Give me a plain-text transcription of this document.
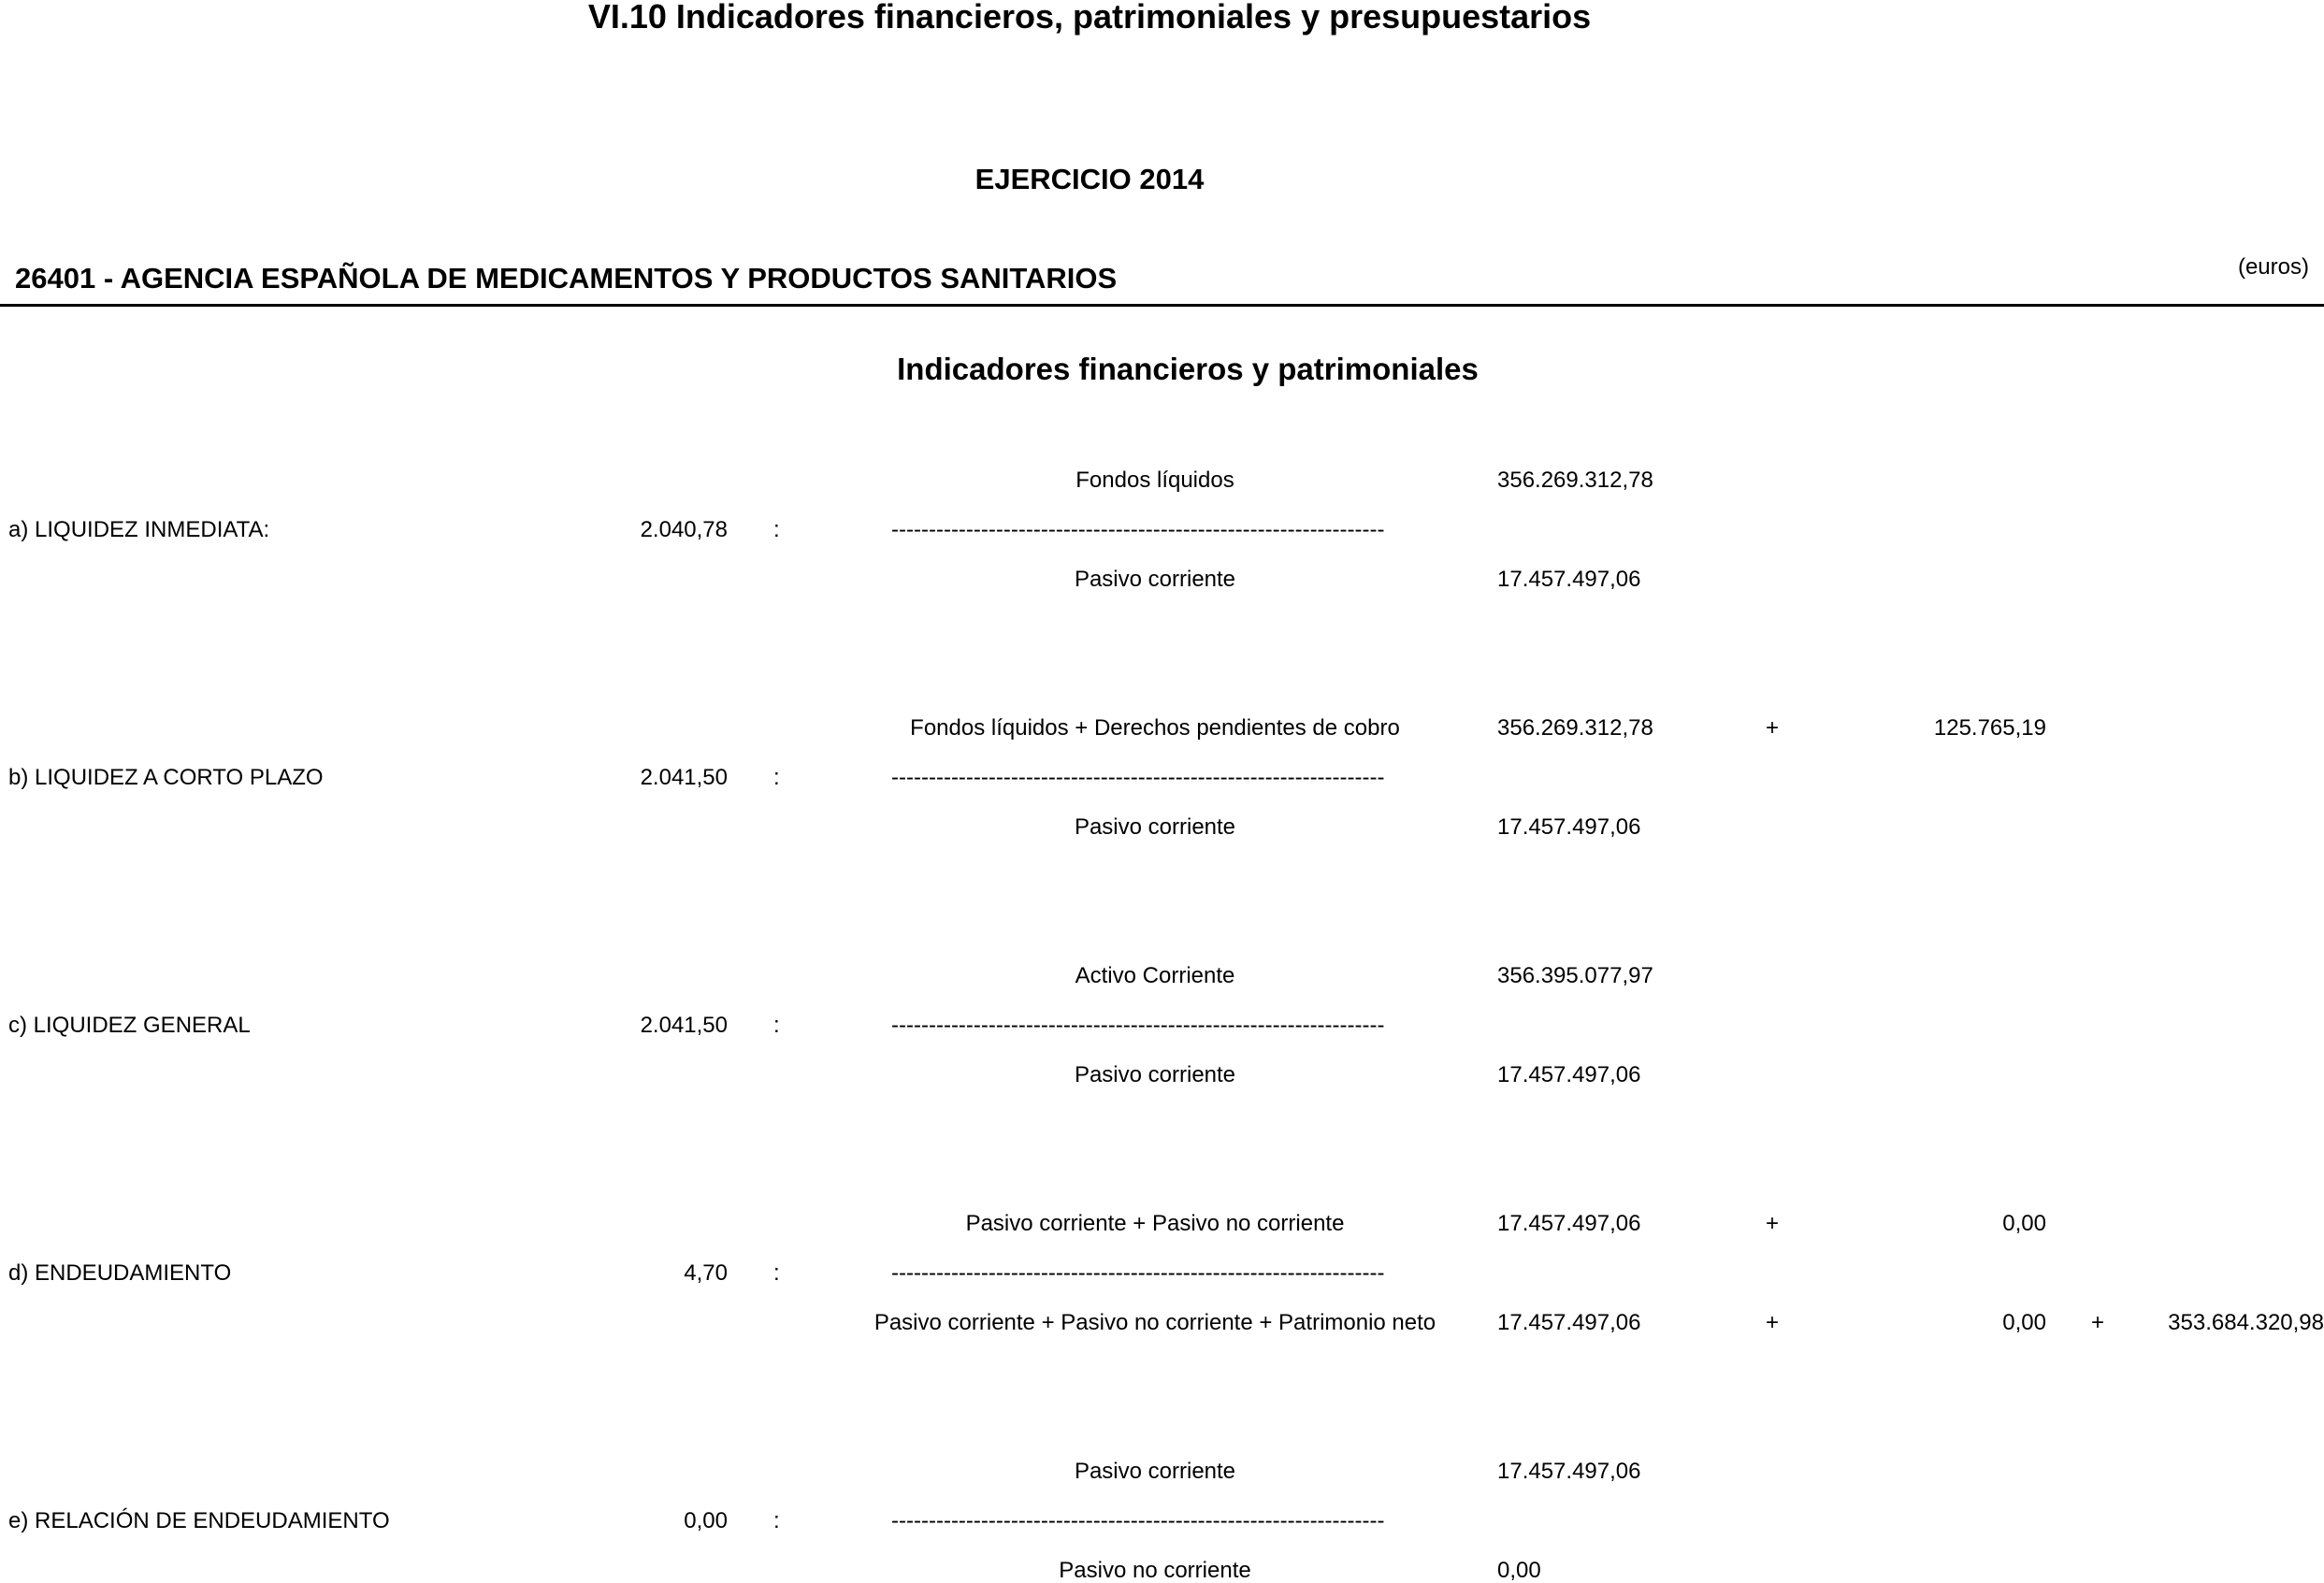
VI.10 Indicadores financieros, patrimoniales y presupuestarios
EJERCICIO 2014
26401 - AGENCIA ESPAÑOLA DE MEDICAMENTOS Y PRODUCTOS SANITARIOS	(euros)
Indicadores financieros y patrimoniales
Fondos líquidos	356.269.312,78
a) LIQUIDEZ INMEDIATA:	2.040,78 :	------------------------------------------------------------------
Pasivo corriente	17.457.497,06
Fondos líquidos + Derechos pendientes de cobro	356.269.312,78	+	125.765,19
b) LIQUIDEZ A CORTO PLAZO	2.041,50 :	------------------------------------------------------------------
Pasivo corriente	17.457.497,06
Activo Corriente	356.395.077,97
c) LIQUIDEZ GENERAL	2.041,50 :	------------------------------------------------------------------
Pasivo corriente	17.457.497,06
Pasivo corriente + Pasivo no corriente	17.457.497,06	+	0,00
d) ENDEUDAMIENTO	4,70 :	------------------------------------------------------------------
Pasivo corriente + Pasivo no corriente + Patrimonio neto	17.457.497,06	+	0,00 +	353.684.320,98
Pasivo corriente	17.457.497,06
e) RELACIÓN DE ENDEUDAMIENTO	0,00 :	------------------------------------------------------------------
Pasivo no corriente	0,00
